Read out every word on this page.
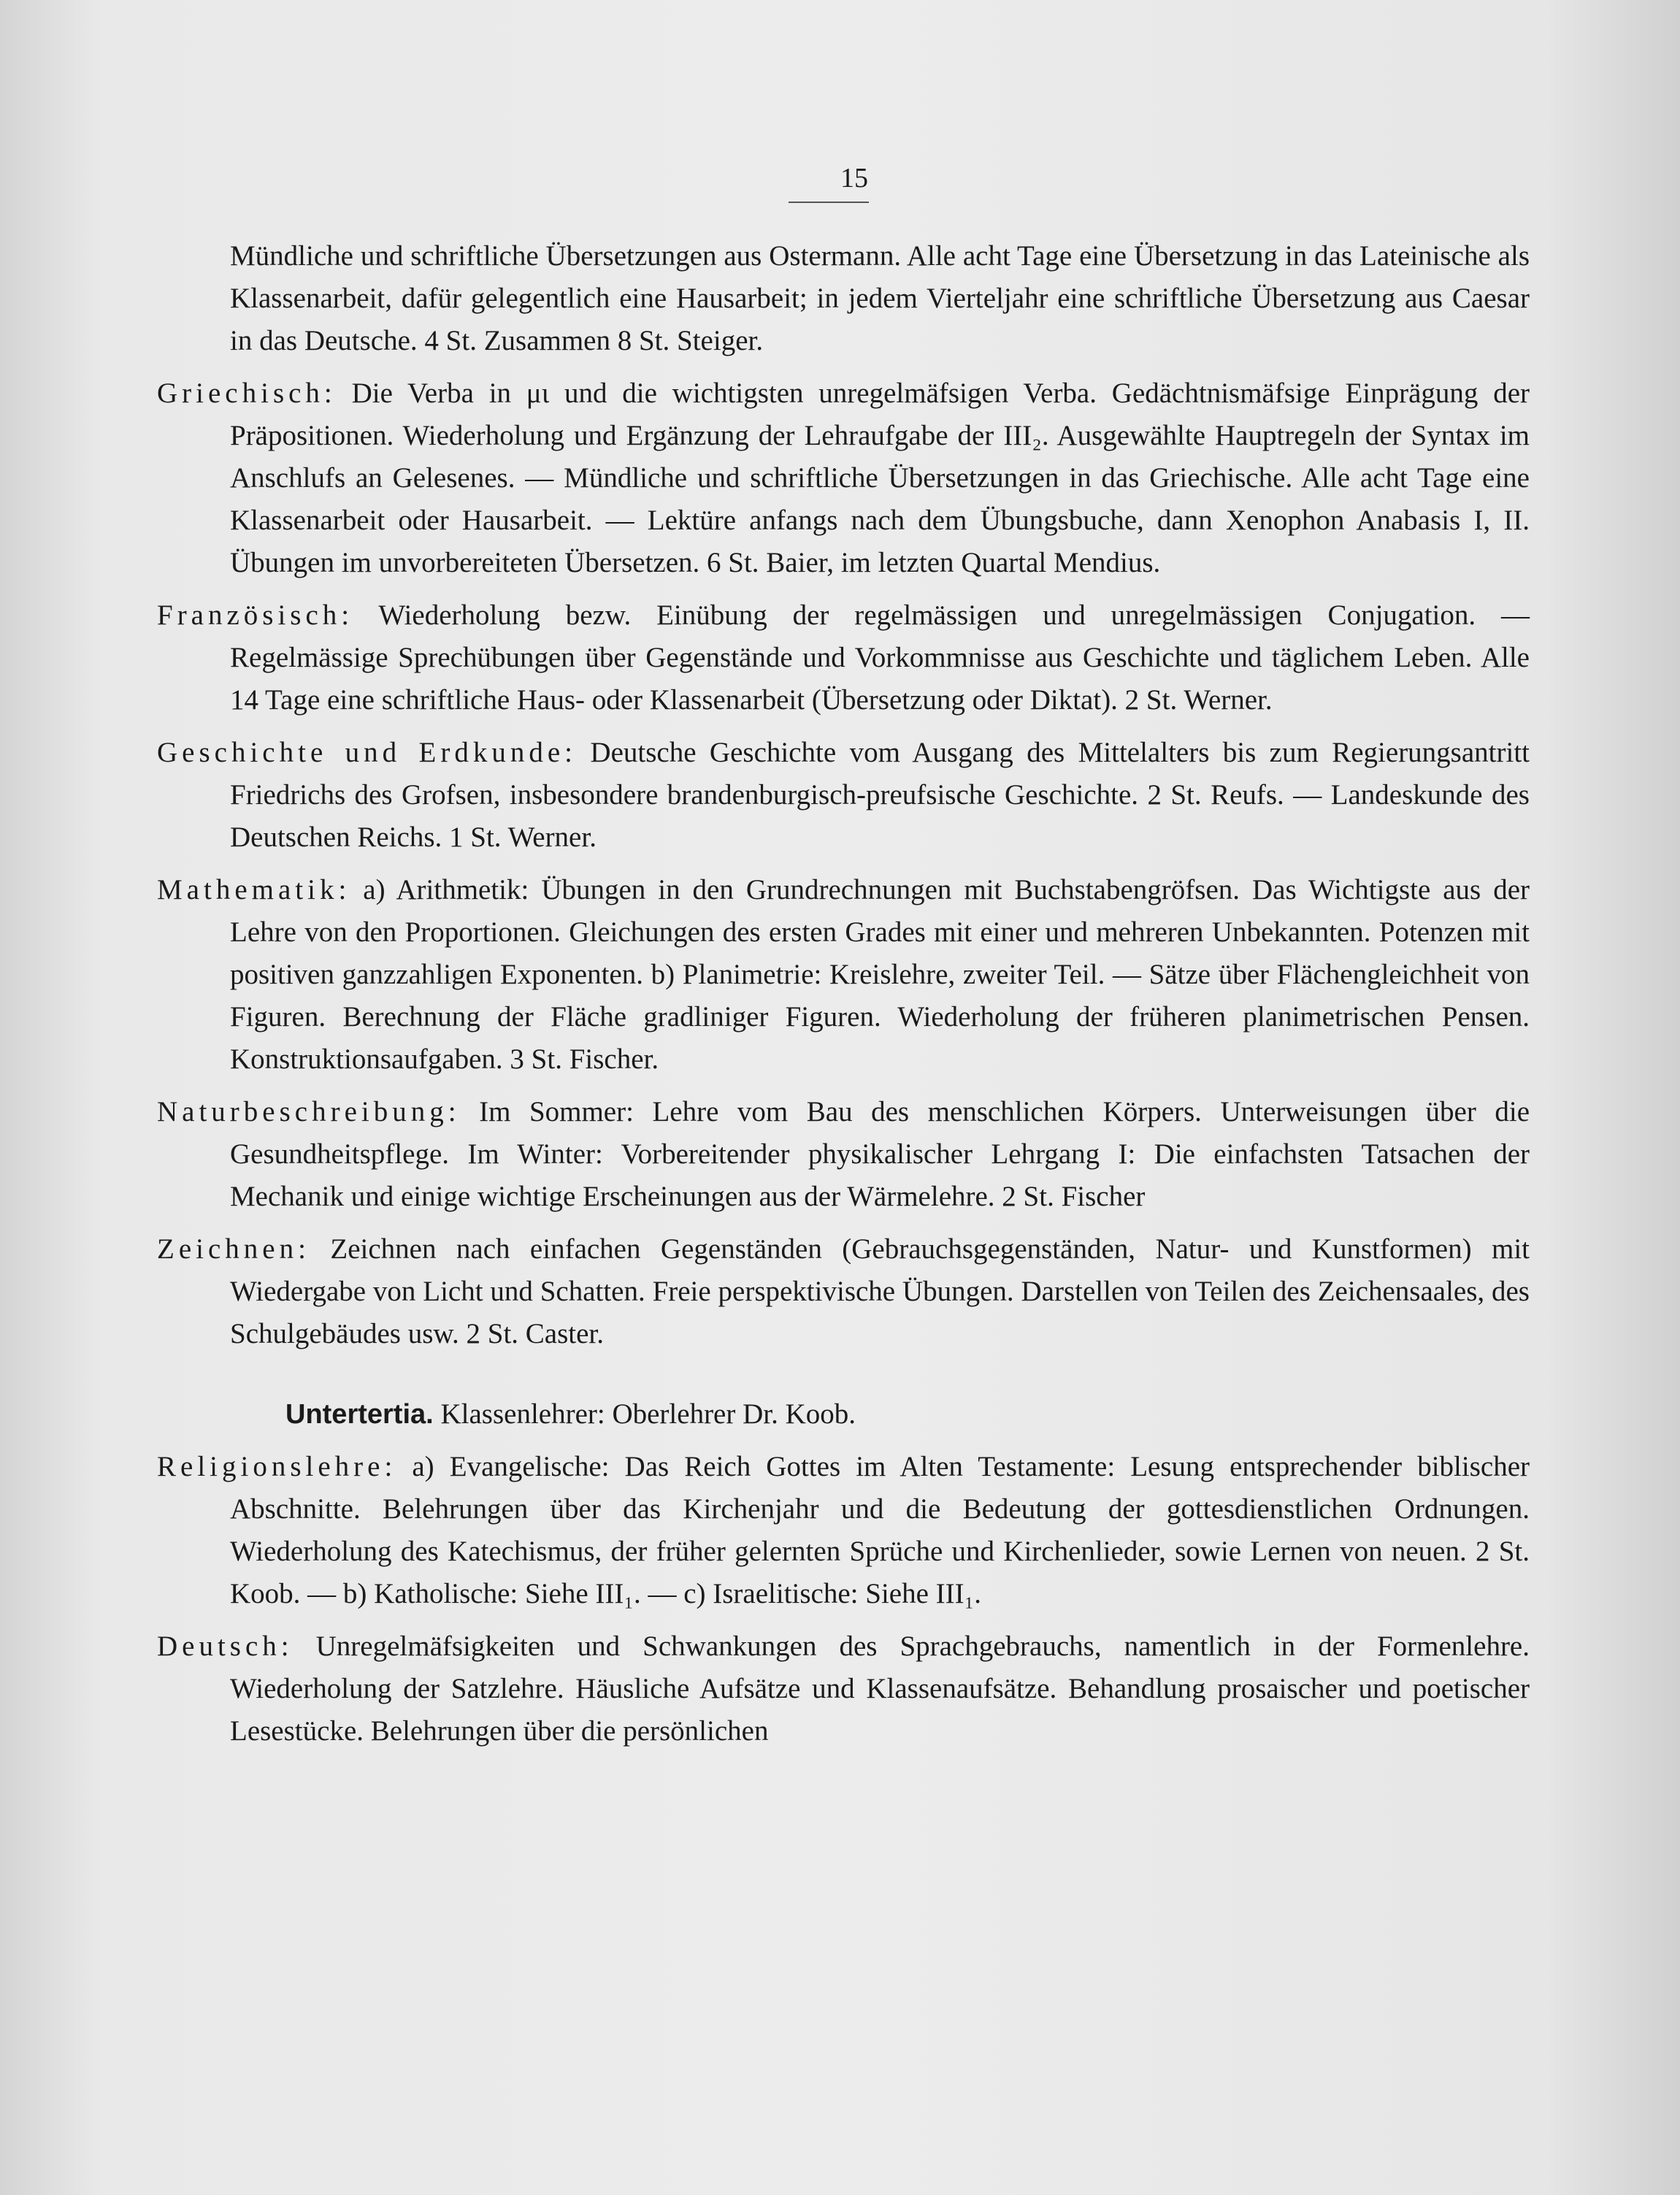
15

Mündliche und schriftliche Übersetzungen aus Ostermann. Alle acht Tage eine Übersetzung in das Lateinische als Klassenarbeit, dafür gelegentlich eine Hausarbeit; in jedem Vierteljahr eine schriftliche Übersetzung aus Caesar in das Deutsche. 4 St. Zusammen 8 St. Steiger.

Griechisch: Die Verba in μι und die wichtigsten unregelmäfsigen Verba. Gedächtnismäfsige Einprägung der Präpositionen. Wiederholung und Ergänzung der Lehraufgabe der III₂. Ausgewählte Hauptregeln der Syntax im Anschlufs an Gelesenes. — Mündliche und schriftliche Übersetzungen in das Griechische. Alle acht Tage eine Klassenarbeit oder Hausarbeit. — Lektüre anfangs nach dem Übungsbuche, dann Xenophon Anabasis I, II. Übungen im unvorbereiteten Übersetzen. 6 St. Baier, im letzten Quartal Mendius.

Französisch: Wiederholung bezw. Einübung der regelmässigen und unregelmässigen Conjugation. — Regelmässige Sprechübungen über Gegenstände und Vorkommnisse aus Geschichte und täglichem Leben. Alle 14 Tage eine schriftliche Haus- oder Klassenarbeit (Übersetzung oder Diktat). 2 St. Werner.

Geschichte und Erdkunde: Deutsche Geschichte vom Ausgang des Mittelalters bis zum Regierungsantritt Friedrichs des Grofsen, insbesondere brandenburgisch-preufsische Geschichte. 2 St. Reufs. — Landeskunde des Deutschen Reichs. 1 St. Werner.

Mathematik: a) Arithmetik: Übungen in den Grundrechnungen mit Buchstabengröfsen. Das Wichtigste aus der Lehre von den Proportionen. Gleichungen des ersten Grades mit einer und mehreren Unbekannten. Potenzen mit positiven ganzzahligen Exponenten. b) Planimetrie: Kreislehre, zweiter Teil. — Sätze über Flächengleichheit von Figuren. Berechnung der Fläche gradliniger Figuren. Wiederholung der früheren planimetrischen Pensen. Konstruktionsaufgaben. 3 St. Fischer.

Naturbeschreibung: Im Sommer: Lehre vom Bau des menschlichen Körpers. Unterweisungen über die Gesundheitspflege. Im Winter: Vorbereitender physikalischer Lehrgang I: Die einfachsten Tatsachen der Mechanik und einige wichtige Erscheinungen aus der Wärmelehre. 2 St. Fischer

Zeichnen: Zeichnen nach einfachen Gegenständen (Gebrauchsgegenständen, Natur- und Kunstformen) mit Wiedergabe von Licht und Schatten. Freie perspektivische Übungen. Darstellen von Teilen des Zeichensaales, des Schulgebäudes usw. 2 St. Caster.

Untertertia. Klassenlehrer: Oberlehrer Dr. Koob.

Religionslehre: a) Evangelische: Das Reich Gottes im Alten Testamente: Lesung entsprechender biblischer Abschnitte. Belehrungen über das Kirchenjahr und die Bedeutung der gottesdienstlichen Ordnungen. Wiederholung des Katechismus, der früher gelernten Sprüche und Kirchenlieder, sowie Lernen von neuen. 2 St. Koob. — b) Katholische: Siehe III₁. — c) Israelitische: Siehe III₁.

Deutsch: Unregelmäfsigkeiten und Schwankungen des Sprachgebrauchs, namentlich in der Formenlehre. Wiederholung der Satzlehre. Häusliche Aufsätze und Klassenaufsätze. Behandlung prosaischer und poetischer Lesestücke. Belehrungen über die persönlichen
